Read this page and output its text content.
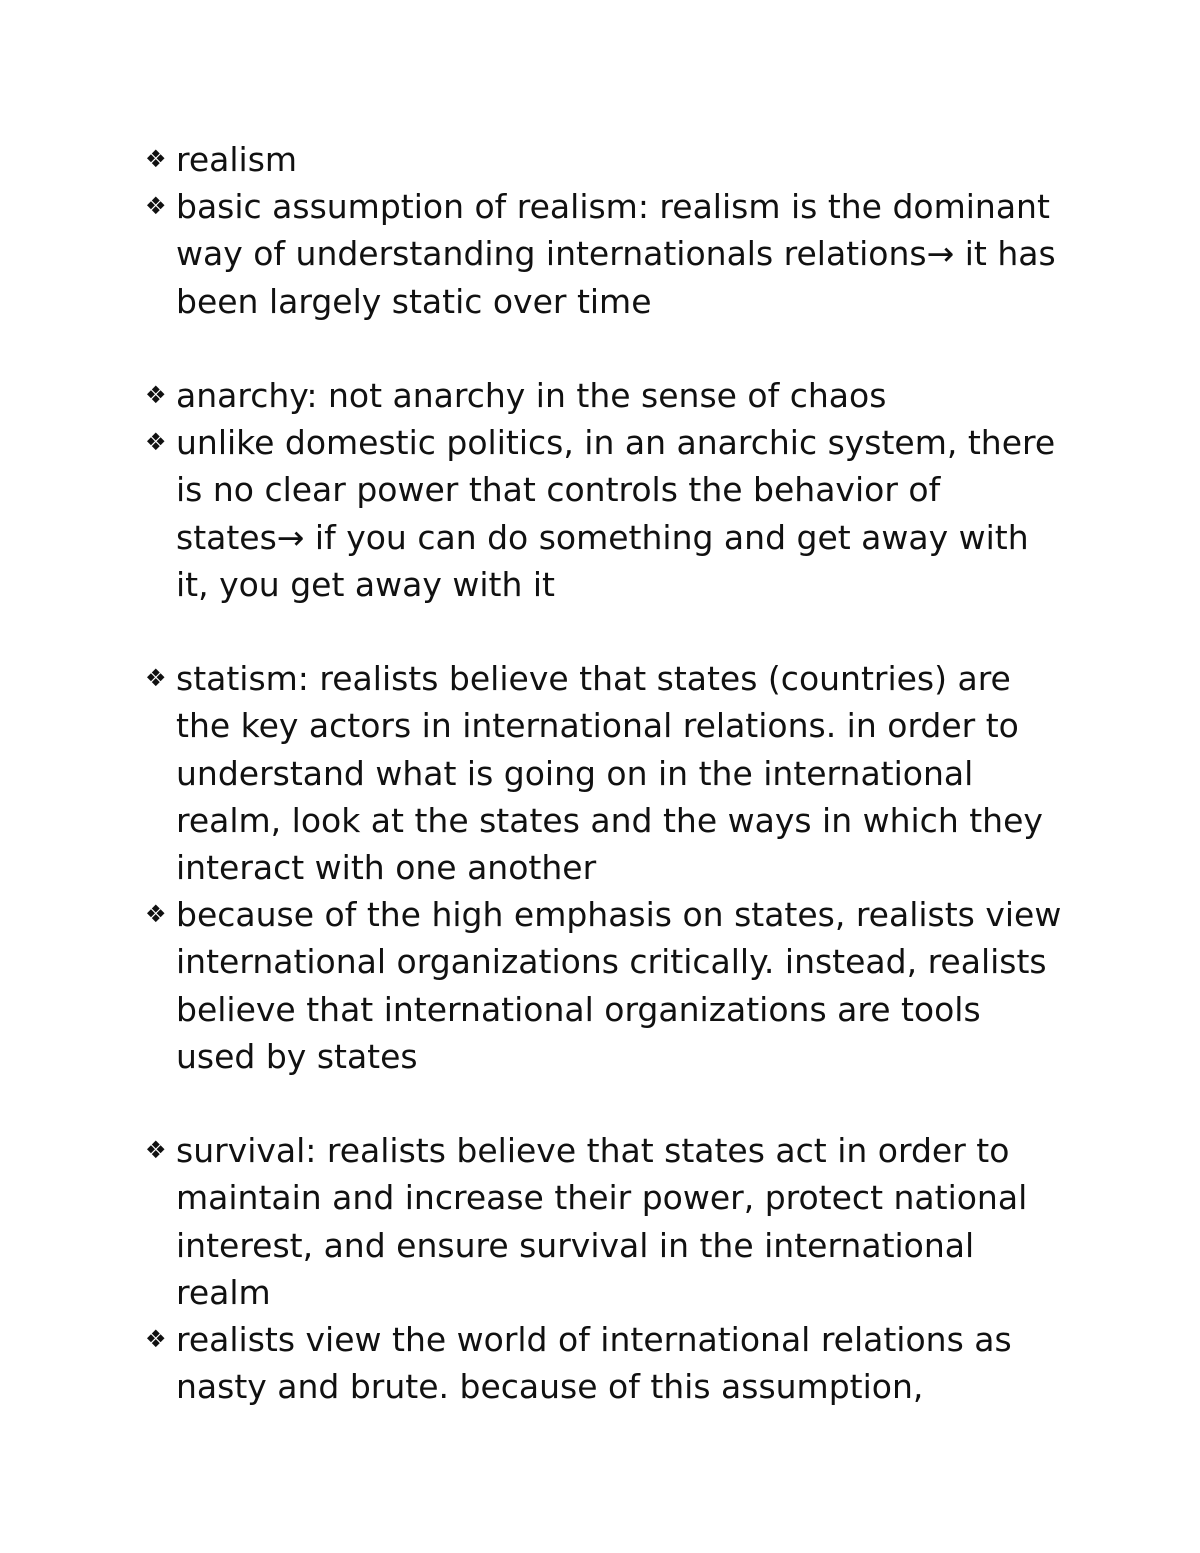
❖ realism
❖ basic assumption of realism: realism is the dominant way of understanding internationals relations→ it has been largely static over time
❖ anarchy: not anarchy in the sense of chaos
❖ unlike domestic politics, in an anarchic system, there is no clear power that controls the behavior of states→ if you can do something and get away with it, you get away with it
❖ statism: realists believe that states (countries) are the key actors in international relations. in order to understand what is going on in the international realm, look at the states and the ways in which they interact with one another
❖ because of the high emphasis on states, realists view international organizations critically. instead, realists believe that international organizations are tools used by states
❖ survival: realists believe that states act in order to maintain and increase their power, protect national interest, and ensure survival in the international realm
❖ realists view the world of international relations as nasty and brute. because of this assumption,
